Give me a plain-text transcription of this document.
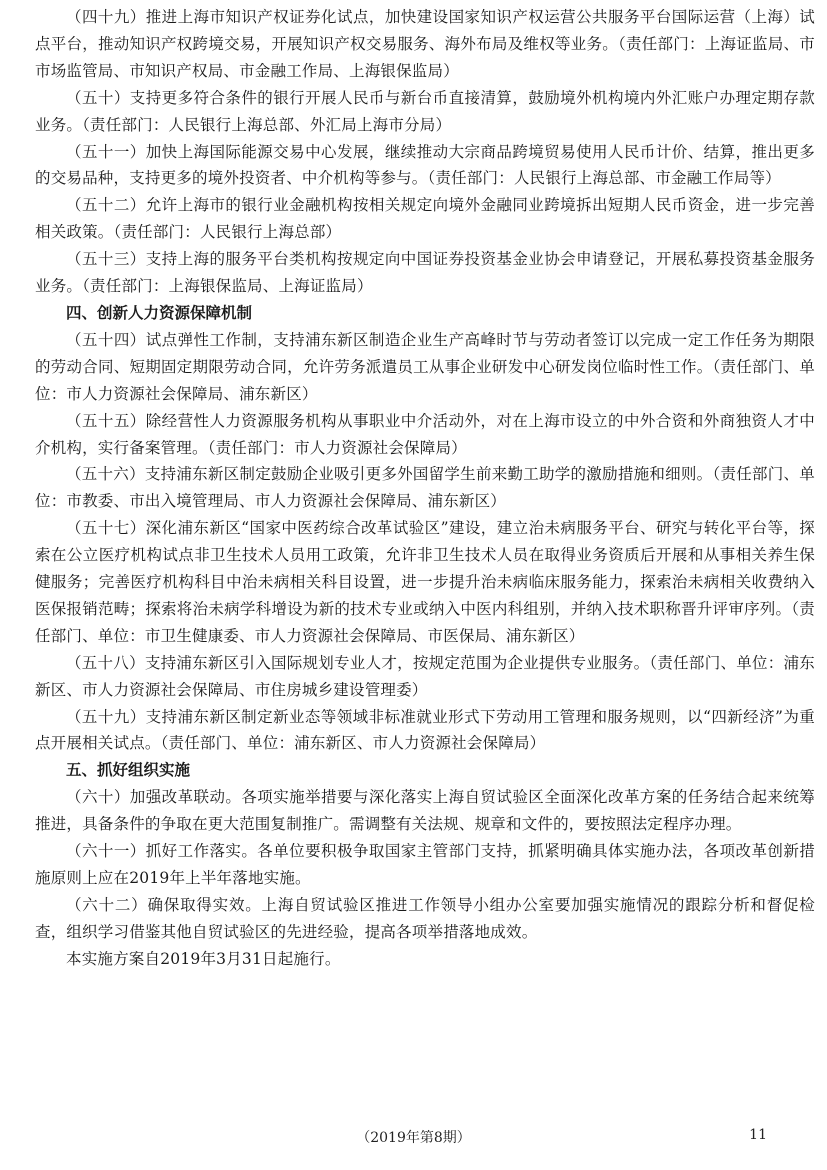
（四十九）推进上海市知识产权证券化试点，加快建设国家知识产权运营公共服务平台国际运营（上海）试点平台，推动知识产权跨境交易，开展知识产权交易服务、海外布局及维权等业务。（责任部门：上海证监局、市市场监管局、市知识产权局、市金融工作局、上海银保监局）

（五十）支持更多符合条件的银行开展人民币与新台币直接清算，鼓励境外机构境内外汇账户办理定期存款业务。（责任部门：人民银行上海总部、外汇局上海市分局）

（五十一）加快上海国际能源交易中心发展，继续推动大宗商品跨境贸易使用人民币计价、结算，推出更多的交易品种，支持更多的境外投资者、中介机构等参与。（责任部门：人民银行上海总部、市金融工作局等）

（五十二）允许上海市的银行业金融机构按相关规定向境外金融同业跨境拆出短期人民币资金，进一步完善相关政策。（责任部门：人民银行上海总部）

（五十三）支持上海的服务平台类机构按规定向中国证券投资基金业协会申请登记，开展私募投资基金服务业务。（责任部门：上海银保监局、上海证监局）

四、创新人力资源保障机制

（五十四）试点弹性工作制，支持浦东新区制造企业生产高峰时节与劳动者签订以完成一定工作任务为期限的劳动合同、短期固定期限劳动合同，允许劳务派遣员工从事企业研发中心研发岗位临时性工作。（责任部门、单位：市人力资源社会保障局、浦东新区）

（五十五）除经营性人力资源服务机构从事职业中介活动外，对在上海市设立的中外合资和外商独资人才中介机构，实行备案管理。（责任部门：市人力资源社会保障局）

（五十六）支持浦东新区制定鼓励企业吸引更多外国留学生前来勤工助学的激励措施和细则。（责任部门、单位：市教委、市出入境管理局、市人力资源社会保障局、浦东新区）

（五十七）深化浦东新区“国家中医药综合改革试验区”建设，建立治未病服务平台、研究与转化平台等，探索在公立医疗机构试点非卫生技术人员用工政策，允许非卫生技术人员在取得业务资质后开展和从事相关养生保健服务；完善医疗机构科目中治未病相关科目设置，进一步提升治未病临床服务能力，探索治未病相关收费纳入医保报销范畴；探索将治未病学科增设为新的技术专业或纳入中医内科组别，并纳入技术职称晋升评审序列。（责任部门、单位：市卫生健康委、市人力资源社会保障局、市医保局、浦东新区）

（五十八）支持浦东新区引入国际规划专业人才，按规定范围为企业提供专业服务。（责任部门、单位：浦东新区、市人力资源社会保障局、市住房城乡建设管理委）

（五十九）支持浦东新区制定新业态等领域非标准就业形式下劳动用工管理和服务规则，以“四新经济”为重点开展相关试点。（责任部门、单位：浦东新区、市人力资源社会保障局）

五、抓好组织实施

（六十）加强改革联动。各项实施举措要与深化落实上海自贸试验区全面深化改革方案的任务结合起来统筹推进，具备条件的争取在更大范围复制推广。需调整有关法规、规章和文件的，要按照法定程序办理。

（六十一）抓好工作落实。各单位要积极争取国家主管部门支持，抓紧明确具体实施办法，各项改革创新措施原则上应在2019年上半年落地实施。

（六十二）确保取得实效。上海自贸试验区推进工作领导小组办公室要加强实施情况的跟踪分析和督促检查，组织学习借鉴其他自贸试验区的先进经验，提高各项举措落地成效。

本实施方案自2019年3月31日起施行。

（2019年第8期）	11
